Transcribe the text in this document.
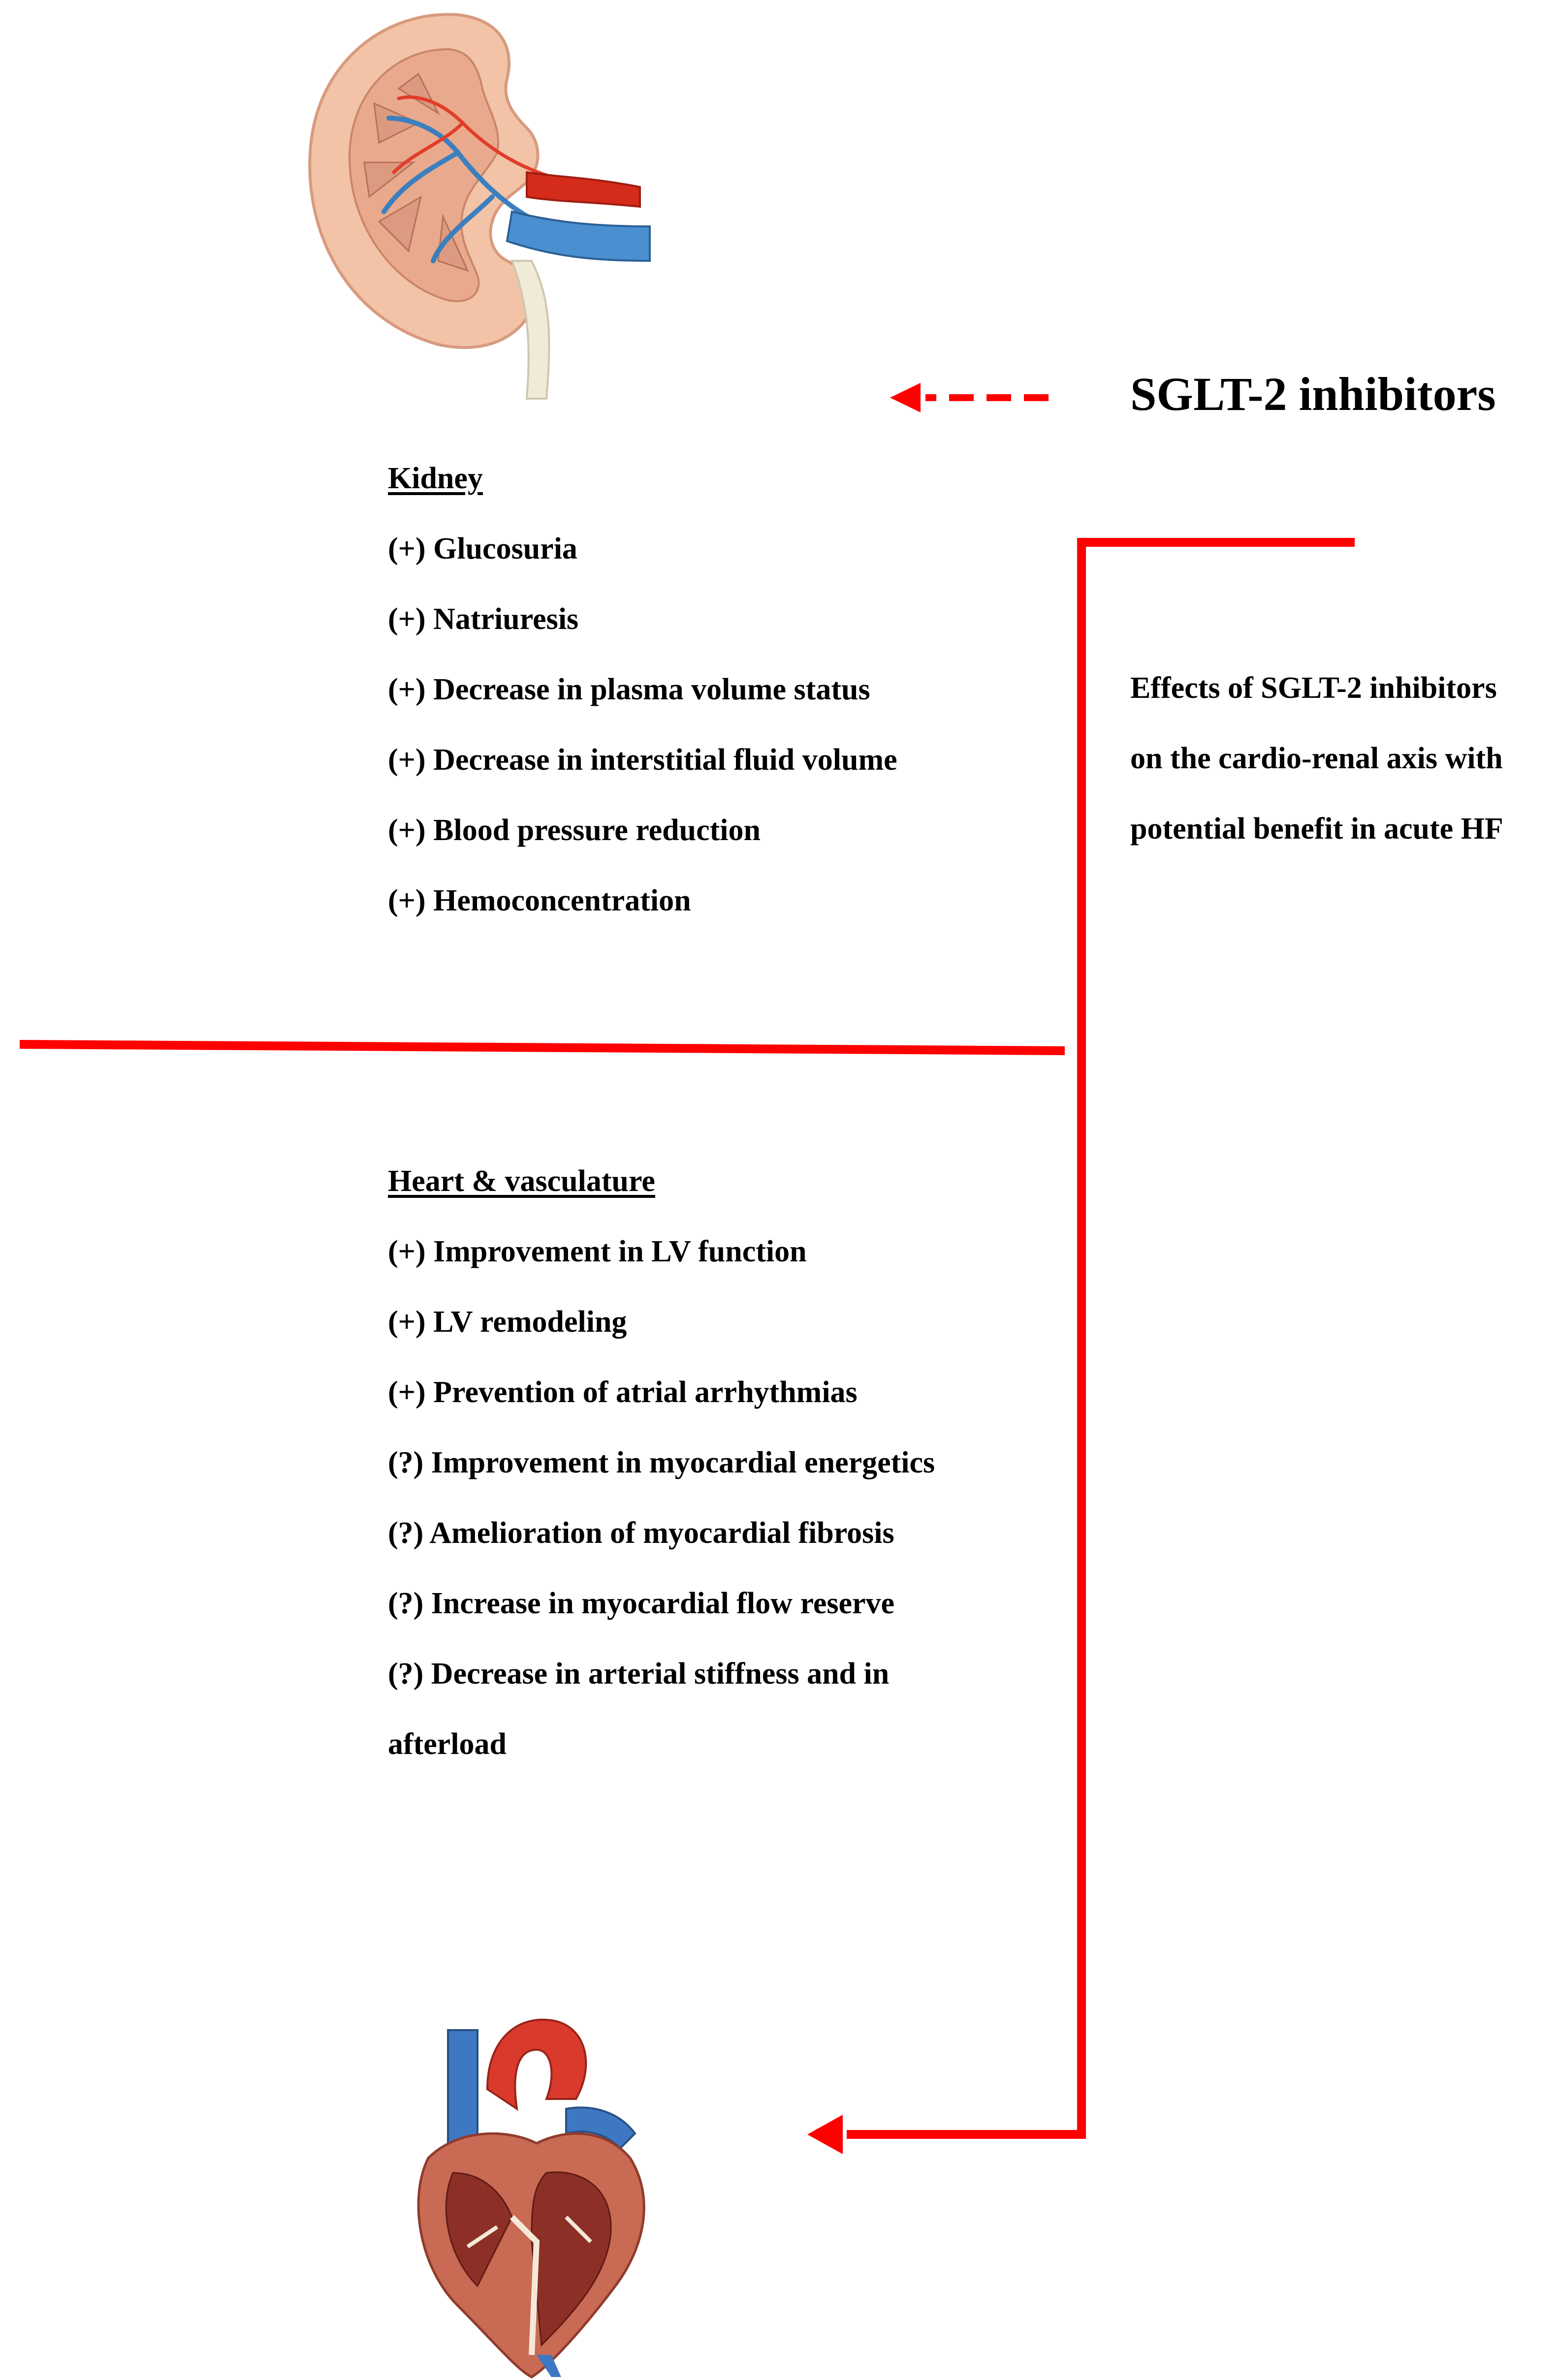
SGLT-2 inhibitors
Effects of SGLT-2 inhibitors
on the cardio-renal axis with
potential benefit in acute HF
Kidney
(+) Glucosuria
(+) Natriuresis
(+) Decrease in plasma volume status
(+) Decrease in interstitial fluid volume
(+) Blood pressure reduction
(+) Hemoconcentration
Heart & vasculature
(+) Improvement in LV function
(+) LV remodeling
(+) Prevention of atrial arrhythmias
(?) Improvement in myocardial energetics
(?) Amelioration of myocardial fibrosis
(?) Increase in myocardial flow reserve
(?) Decrease in arterial stiffness and in
afterload
